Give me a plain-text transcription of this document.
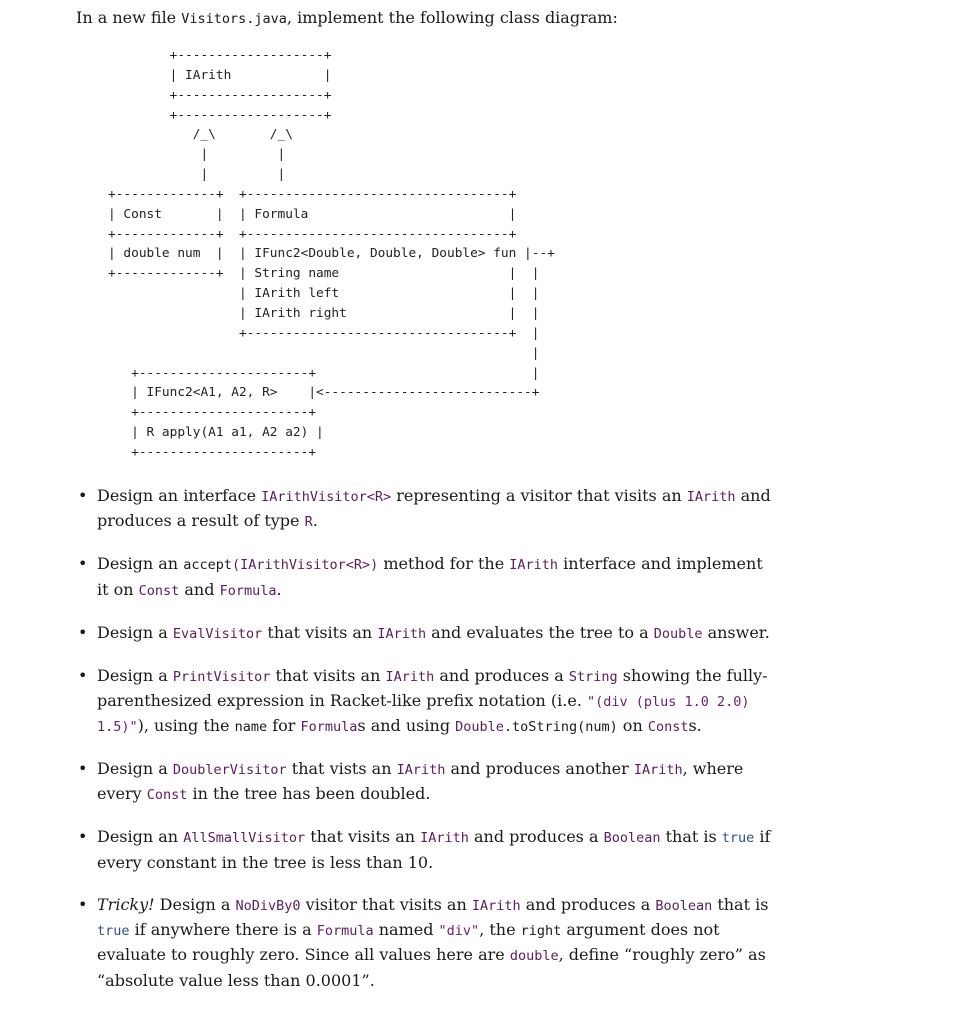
In a new file Visitors.java, implement the following class diagram:
+-------------------+
| IArith            |
+-------------------+
+-------------------+
/_\       /_\
|         |
|         |
+-------------+  +----------------------------------+
| Const       |  | Formula                          |
+-------------+  +----------------------------------+
| double num  |  | IFunc2<Double, Double, Double> fun |--+
+-------------+  | String name                      |  |
| IArith left                      |  |
| IArith right                     |  |
+----------------------------------+  |
|
+----------------------+                            |
| IFunc2<A1, A2, R>    |<---------------------------+
+----------------------+
| R apply(A1 a1, A2 a2) |
+----------------------+
• Design an interface IArithVisitor<R> representing a visitor that visits an IArith and produces a result of type R.
• Design an accept(IArithVisitor<R>) method for the IArith interface and implement it on Const and Formula.
• Design a EvalVisitor that visits an IArith and evaluates the tree to a Double answer.
• Design a PrintVisitor that visits an IArith and produces a String showing the fully-parenthesized expression in Racket-like prefix notation (i.e. "(div (plus 1.0 2.0) 1.5)"), using the name for Formulas and using Double.toString(num) on Consts.
• Design a DoublerVisitor that vists an IArith and produces another IArith, where every Const in the tree has been doubled.
• Design an AllSmallVisitor that visits an IArith and produces a Boolean that is true if every constant in the tree is less than 10.
• Tricky! Design a NoDivBy0 visitor that visits an IArith and produces a Boolean that is true if anywhere there is a Formula named "div", the right argument does not evaluate to roughly zero. Since all values here are double, define “roughly zero” as “absolute value less than 0.0001”.
